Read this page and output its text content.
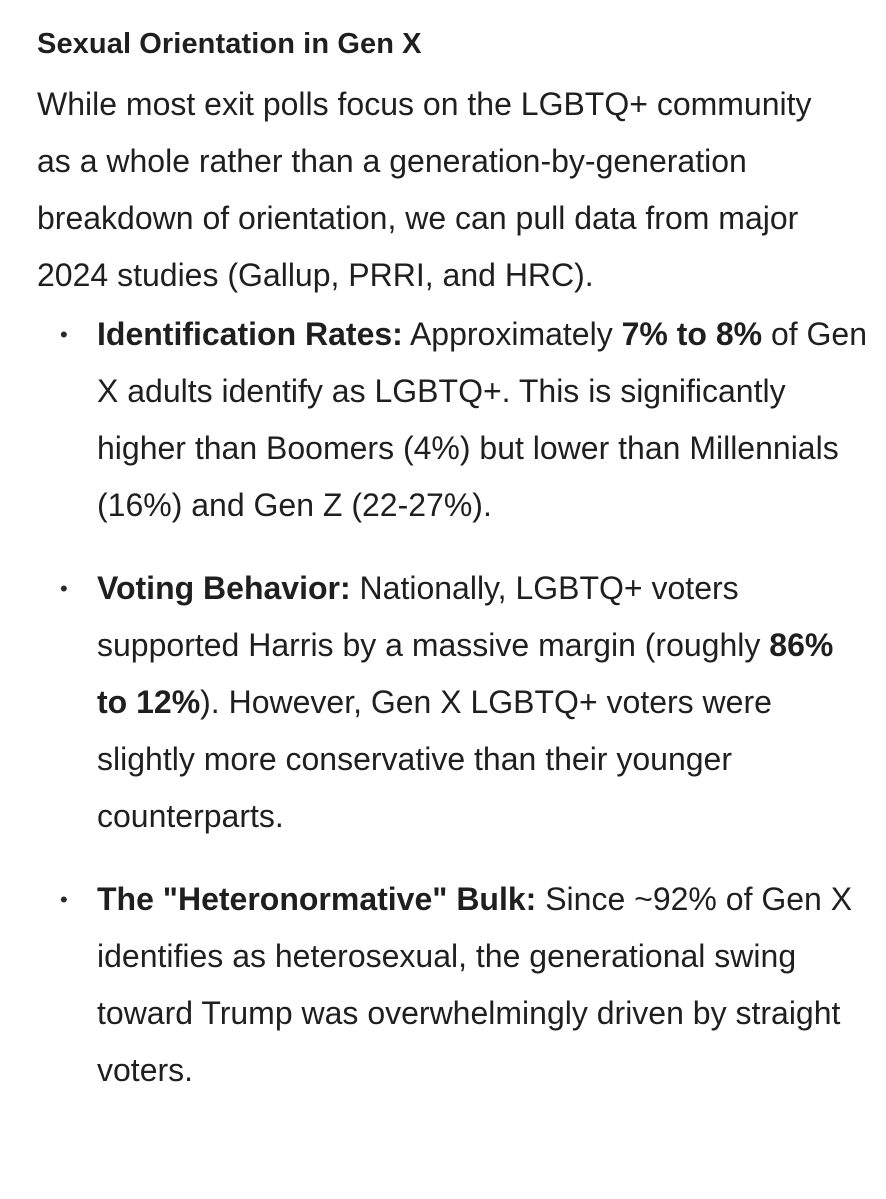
Sexual Orientation in Gen X

While most exit polls focus on the LGBTQ+ community as a whole rather than a generation-by-generation breakdown of orientation, we can pull data from major 2024 studies (Gallup, PRRI, and HRC).

• Identification Rates: Approximately 7% to 8% of Gen X adults identify as LGBTQ+. This is significantly higher than Boomers (4%) but lower than Millennials (16%) and Gen Z (22-27%).
• Voting Behavior: Nationally, LGBTQ+ voters supported Harris by a massive margin (roughly 86% to 12%). However, Gen X LGBTQ+ voters were slightly more conservative than their younger counterparts.
• The "Heteronormative" Bulk: Since ~92% of Gen X identifies as heterosexual, the generational swing toward Trump was overwhelmingly driven by straight voters.
